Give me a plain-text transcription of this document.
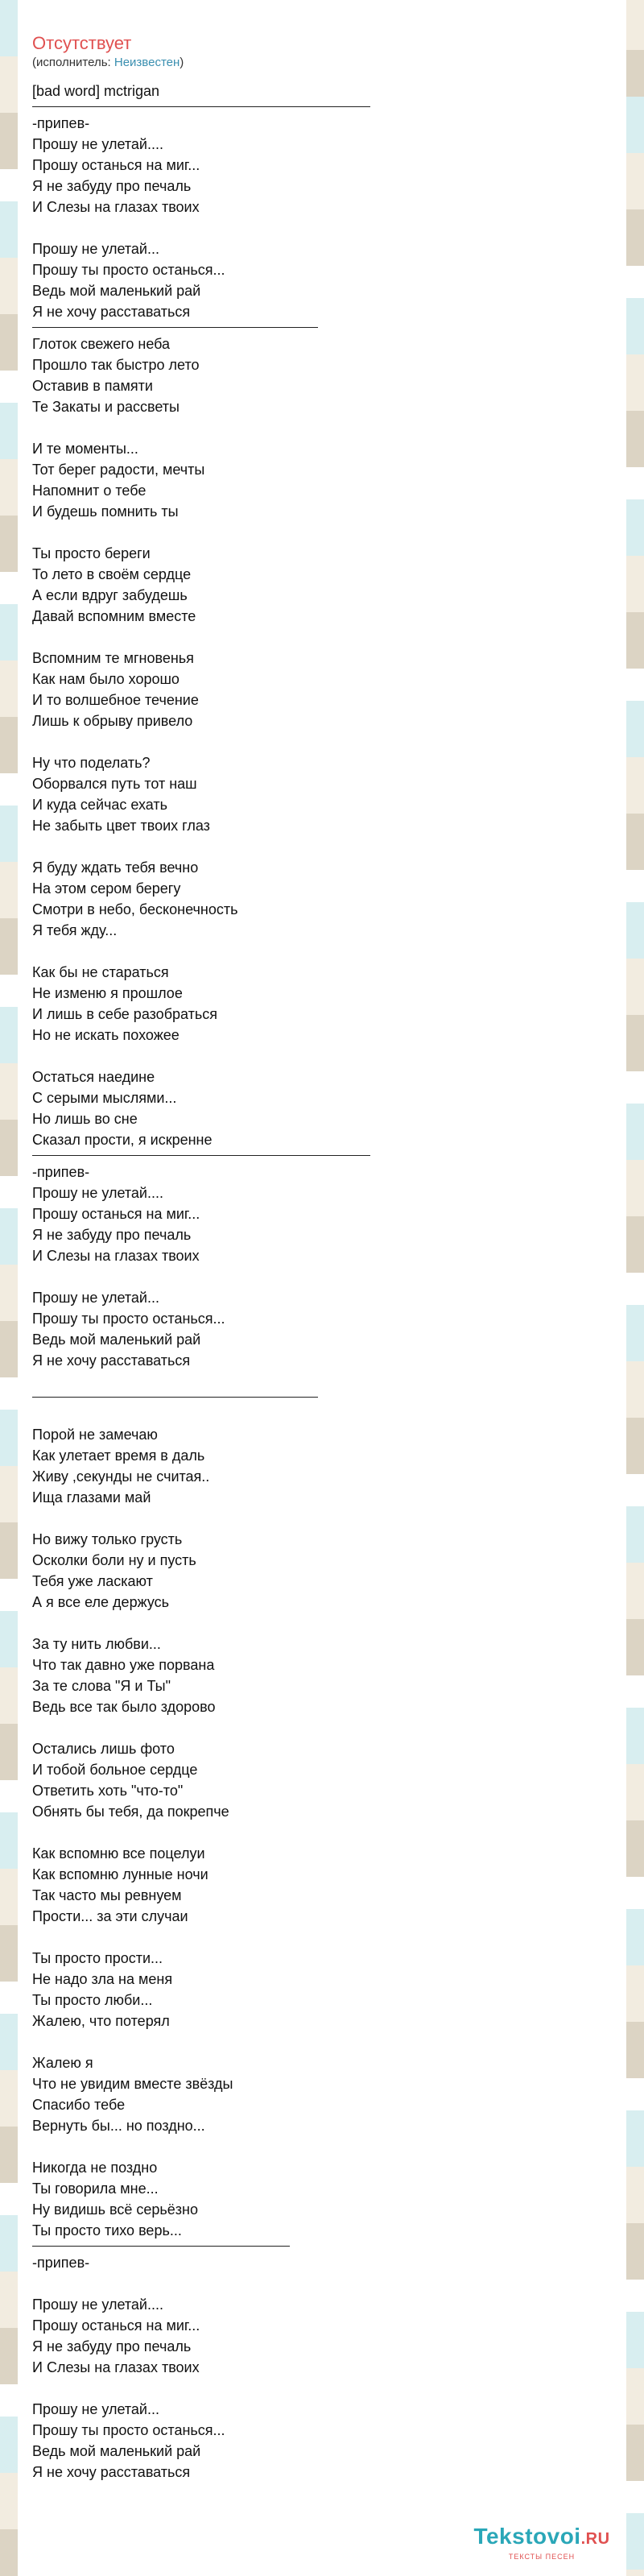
Отсутствует
(исполнитель: Неизвестен)
[bad word] mctrigan
-припев-
Прошу не улетай....
Прошу останься на миг...
Я не забуду про печаль
И Слезы на глазах твоих
Прошу не улетай...
Прошу ты просто останься...
Ведь мой маленький рай
Я не хочу расставаться
Глоток свежего неба
Прошло так быстро лето
Оставив в памяти
Те Закаты и рассветы
И те моменты...
Тот берег радости, мечты
Напомнит о тебе
И будешь помнить ты
Ты просто береги
То лето в своём сердце
А если вдруг забудешь
Давай вспомним вместе
Вспомним те мгновенья
Как нам было хорошо
И то волшебное течение
Лишь к обрыву привело
Ну что поделать?
Оборвался путь тот наш
И куда сейчас ехать
Не забыть цвет твоих глаз
Я буду ждать тебя вечно
На этом сером берегу
Смотри в небо, бесконечность
Я тебя жду...
Как бы не стараться
Не изменю я прошлое
И лишь в себе разобраться
Но не искать похожее
Остаться наедине
С серыми мыслями...
Но лишь во сне
Сказал прости, я искренне
-припев-
Прошу не улетай....
Прошу останься на миг...
Я не забуду про печаль
И Слезы на глазах твоих
Прошу не улетай...
Прошу ты просто останься...
Ведь мой маленький рай
Я не хочу расставаться
Порой не замечаю
Как улетает время в даль
Живу ,секунды не считая..
Ища глазами май
Но вижу только грусть
Осколки боли ну и пусть
Тебя уже ласкают
А я все еле держусь
За ту нить любви...
Что так давно уже порвана
За те слова "Я и Ты"
Ведь все так было здорово
Остались лишь фото
И тобой больное сердце
Ответить хоть "что-то"
Обнять бы тебя, да покрепче
Как вспомню все поцелуи
Как вспомню лунные ночи
Так часто мы ревнуем
Прости... за эти случаи
Ты просто прости...
Не надо зла на меня
Ты просто люби...
Жалею, что потерял
Жалею я
Что не увидим вместе звёзды
Спасибо тебе
Вернуть бы... но поздно...
Никогда не поздно
Ты говорила мне...
Ну видишь всё серьёзно
Ты просто тихо верь...
-припев-
Прошу не улетай....
Прошу останься на миг...
Я не забуду про печаль
И Слезы на глазах твоих
Прошу не улетай...
Прошу ты просто останься...
Ведь мой маленький рай
Я не хочу расставаться
Tekstovoi.RU
ТЕКСТЫ ПЕСЕН
